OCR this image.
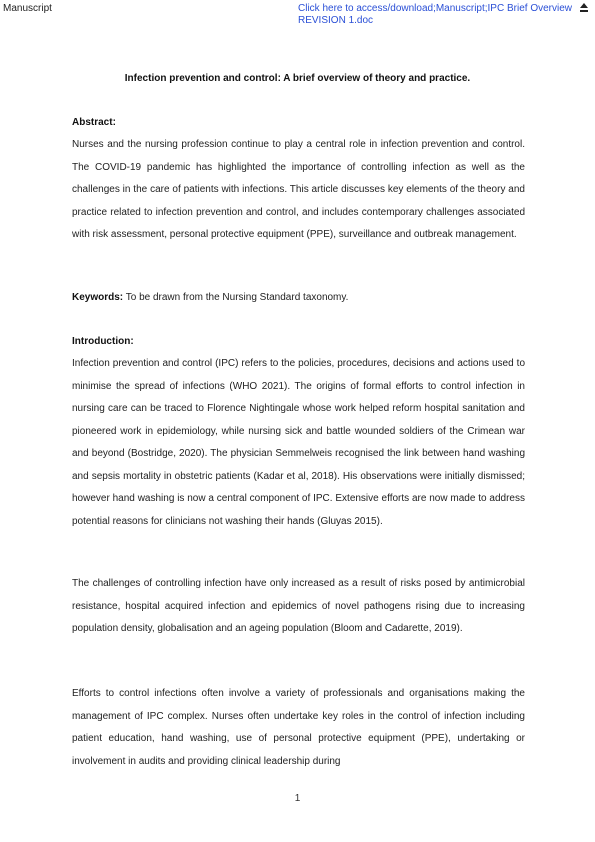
Manuscript	Click here to access/download;Manuscript;IPC Brief Overview REVISION 1.doc
Infection prevention and control: A brief overview of theory and practice.
Abstract:
Nurses and the nursing profession continue to play a central role in infection prevention and control. The COVID-19 pandemic has highlighted the importance of controlling infection as well as the challenges in the care of patients with infections. This article discusses key elements of the theory and practice related to infection prevention and control, and includes contemporary challenges associated with risk assessment, personal protective equipment (PPE), surveillance and outbreak management.
Keywords: To be drawn from the Nursing Standard taxonomy.
Introduction:
Infection prevention and control (IPC) refers to the policies, procedures, decisions and actions used to minimise the spread of infections (WHO 2021). The origins of formal efforts to control infection in nursing care can be traced to Florence Nightingale whose work helped reform hospital sanitation and pioneered work in epidemiology, while nursing sick and battle wounded soldiers of the Crimean war and beyond (Bostridge, 2020). The physician Semmelweis recognised the link between hand washing and sepsis mortality in obstetric patients (Kadar et al, 2018). His observations were initially dismissed; however hand washing is now a central component of IPC. Extensive efforts are now made to address potential reasons for clinicians not washing their hands (Gluyas 2015).
The challenges of controlling infection have only increased as a result of risks posed by antimicrobial resistance, hospital acquired infection and epidemics of novel pathogens rising due to increasing population density, globalisation and an ageing population (Bloom and Cadarette, 2019).
Efforts to control infections often involve a variety of professionals and organisations making the management of IPC complex. Nurses often undertake key roles in the control of infection including patient education, hand washing, use of personal protective equipment (PPE), undertaking or involvement in audits and providing clinical leadership during
1
